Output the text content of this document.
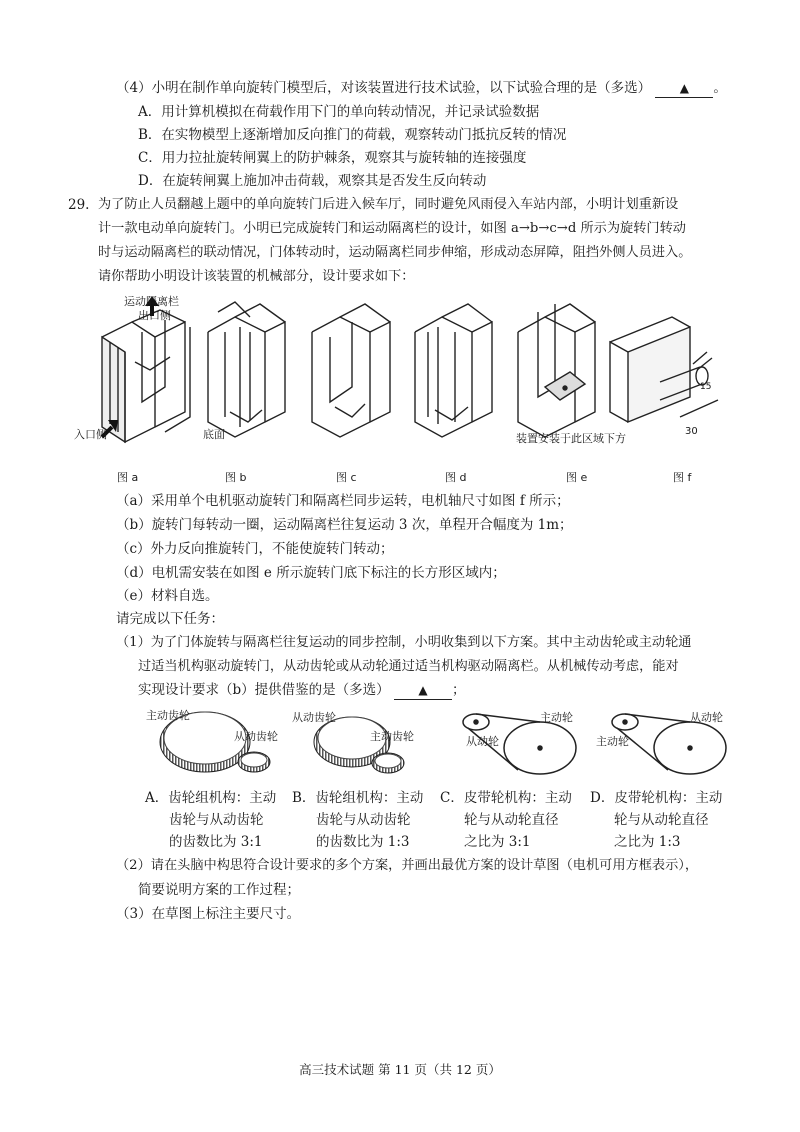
（4）小明在制作单向旋转门模型后，对该装置进行技术试验，以下试验合理的是（多选） ▲ 。
A．用计算机模拟在荷载作用下门的单向转动情况，并记录试验数据
B．在实物模型上逐渐增加反向推门的荷载，观察转动门抵抗反转的情况
C．用力拉扯旋转闸翼上的防护棘条，观察其与旋转轴的连接强度
D．在旋转闸翼上施加冲击荷载，观察其是否发生反向转动
29. 为了防止人员翻越上题中的单向旋转门后进入候车厅，同时避免风雨侵入车站内部，小明计划重新设
计一款电动单向旋转门。小明已完成旋转门和运动隔离栏的设计，如图 a→b→c→d 所示为旋转门转动
时与运动隔离栏的联动情况，门体转动时，运动隔离栏同步伸缩，形成动态屏障，阻挡外侧人员进入。
请你帮助小明设计该装置的机械部分，设计要求如下：
运动隔离栏
出口侧
入口侧	底面	装置安装于此区域下方
15
30
图 a	图 b	图 c	图 d	图 e	图 f
（a）采用单个电机驱动旋转门和隔离栏同步运转，电机轴尺寸如图 f 所示；
（b）旋转门每转动一圈，运动隔离栏往复运动 3 次，单程开合幅度为 1m；
（c）外力反向推旋转门，不能使旋转门转动；
（d）电机需安装在如图 e 所示旋转门底下标注的长方形区域内；
（e）材料自选。
请完成以下任务：
（1）为了门体旋转与隔离栏往复运动的同步控制，小明收集到以下方案。其中主动齿轮或主动轮通
过适当机构驱动旋转门，从动齿轮或从动轮通过适当机构驱动隔离栏。从机械传动考虑，能对
实现设计要求（b）提供借鉴的是（多选） ▲ ；
主动齿轮
从动齿轮
从动齿轮
主动齿轮
主动轮
从动轮
从动轮
主动轮
A．齿轮组机构：主动
齿轮与从动齿轮
的齿数比为 3:1
B．齿轮组机构：主动
齿轮与从动齿轮
的齿数比为 1:3
C．皮带轮机构：主动
轮与从动轮直径
之比为 3:1
D．皮带轮机构：主动
轮与从动轮直径
之比为 1:3
（2）请在头脑中构思符合设计要求的多个方案，并画出最优方案的设计草图（电机可用方框表示），
简要说明方案的工作过程；
（3）在草图上标注主要尺寸。
高三技术试题 第 11 页（共 12 页）
